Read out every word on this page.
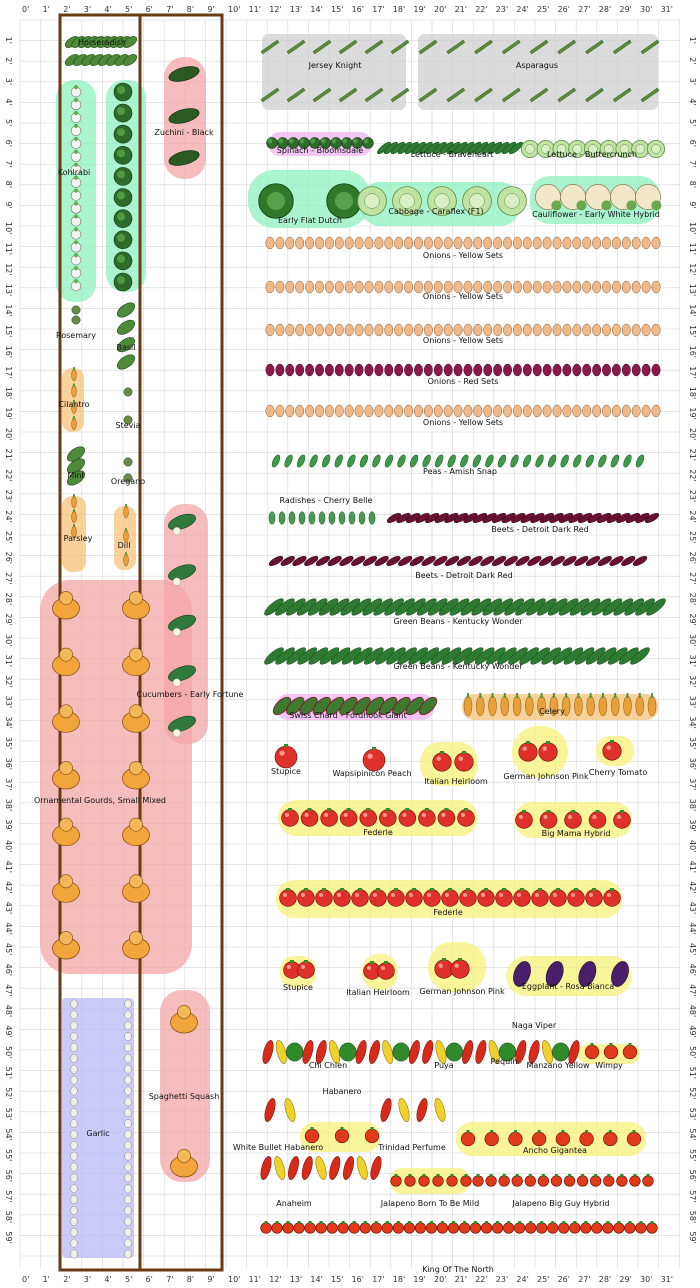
0'
0'
1'
1'
2'
2'
3'
3'
4'
4'
5'
5'
6'
6'
7'
7'
8'
8'
9'
9'
10'
10'
11'
11'
12'
12'
13'
13'
14'
14'
15'
15'
16'
16'
17'
17'
18'
18'
19'
19'
20'
20'
21'
21'
22'
22'
23'
23'
24'
24'
25'
25'
26'
26'
27'
27'
28'
28'
29'
29'
30'
30'
31'
31'
1'	1'
2'	2'
3'	3'
4'	4'
5'	5'
6'	6'
7'	7'
8'	8'
9'	9'
10'	10'
11'	11'
12'	12'
13'	13'
14'	14'
15'	15'
16'	16'
17'	17'
18'	18'
19'	19'
20'	20'
21'	21'
22'	22'
23'	23'
24'	24'
25'	25'
26'	26'
27'	27'
28'	28'
29'	29'
30'	30'
31'	31'
32'	32'
33'	33'
34'	34'
35'	35'
36'	36'
37'	37'
38'	38'
39'	39'
40'	40'
41'	41'
42'	42'
43'	43'
44'	44'
45'	45'
46'	46'
47'	47'
48'	48'
49'	49'
50'	50'
51'	51'
52'	52'
53'	53'
54'	54'
55'	55'
56'	56'
57'	57'
58'	58'
59'	59'
Horseradish
Kohlrabi
Zuchini - Black
Jersey Knight	Asparagus
Spinach - Bloomsdale	Lettuce - Braveheart	Lettuce - Buttercrunch
Early Flat Dutch
Cabbage - Caraflex (F1)	Cauliflower - Early White Hybrid
Onions - Yellow Sets
Onions - Yellow Sets
Onions - Yellow Sets
Onions - Red Sets
Onions - Yellow Sets
Rosemary
Basil
Cilantro
Stevia
Mint
Oregano
Parsley
Dill
Peas - Amish Snap
Radishes - Cherry Belle
Beets - Detroit Dark Red
Beets - Detroit Dark Red
Green Beans - Kentucky Wonder
Green Beans - Kentucky Wonder
Cucumbers - Early Fortune
Swiss Chard - Fordhook Giant	Celery
Ornamental Gourds, Small Mixed
Stupice	Wapsipinicon Peach
Italian Heirloom
German Johnson Pink Cherry Tomato
Federle	Big Mama Hybrid
Federle
Stupice
Italian Heirloom German Johnson Pink
Eggplant - Rosa Bianca
Garlic
Spaghetti Squash
Naga Viper
Chi Chien	Puya	Pequin Manzano Yellow Wimpy
Habanero
White Bullet Habanero	Trinidad Perfume	Ancho Gigantea
Anaheim	Jalapeno Born To Be Mild	Jalapeno Big Guy Hybrid
King Of The North
